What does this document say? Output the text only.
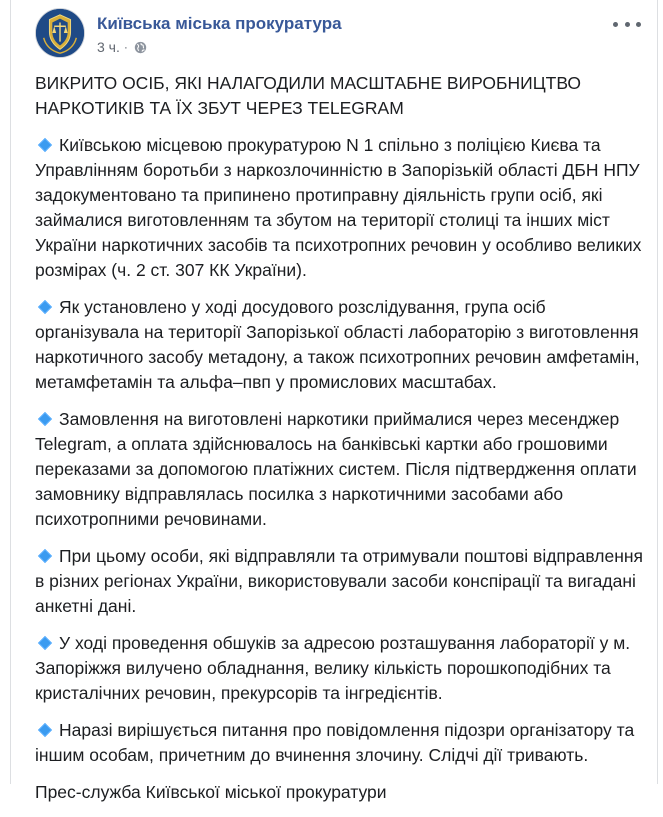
Київська міська прокуратура
3 ч. ·

ВИКРИТО ОСІБ, ЯКІ НАЛАГОДИЛИ МАСШТАБНЕ ВИРОБНИЦТВО
НАРКОТИКІВ ТА ЇХ ЗБУТ ЧЕРЕЗ TELEGRAM

Київською місцевою прокуратурою N 1 спільно з поліцією Києва та Управлінням боротьби з наркозлочинністю в Запорізькій області ДБН НПУ задокументовано та припинено протиправну діяльність групи осіб, які займалися виготовленням та збутом на території столиці та інших міст України наркотичних засобів та психотропних речовин у особливо великих розмірах (ч. 2 ст. 307 КК України).

Як установлено у ході досудового розслідування, група осіб організувала на території Запорізької області лабораторію з виготовлення наркотичного засобу метадону, а також психотропних речовин амфетамін, метамфетамін та альфа–пвп у промислових масштабах.

Замовлення на виготовлені наркотики приймалися через месенджер Telegram, а оплата здійснювалось на банківські картки або грошовими переказами за допомогою платіжних систем. Після підтвердження оплати замовнику відправлялась посилка з наркотичними засобами або психотропними речовинами.

При цьому особи, які відправляли та отримували поштові відправлення в різних регіонах України, використовували засоби конспірації та вигадані анкетні дані.

У ході проведення обшуків за адресою розташування лабораторії у м. Запоріжжя вилучено обладнання, велику кількість порошкоподібних та кристалічних речовин, прекурсорів та інгредієнтів.

Наразі вирішується питання про повідомлення підозри організатору та іншим особам, причетним до вчинення злочину. Слідчі дії тривають.

Прес-служба Київської міської прокуратури
